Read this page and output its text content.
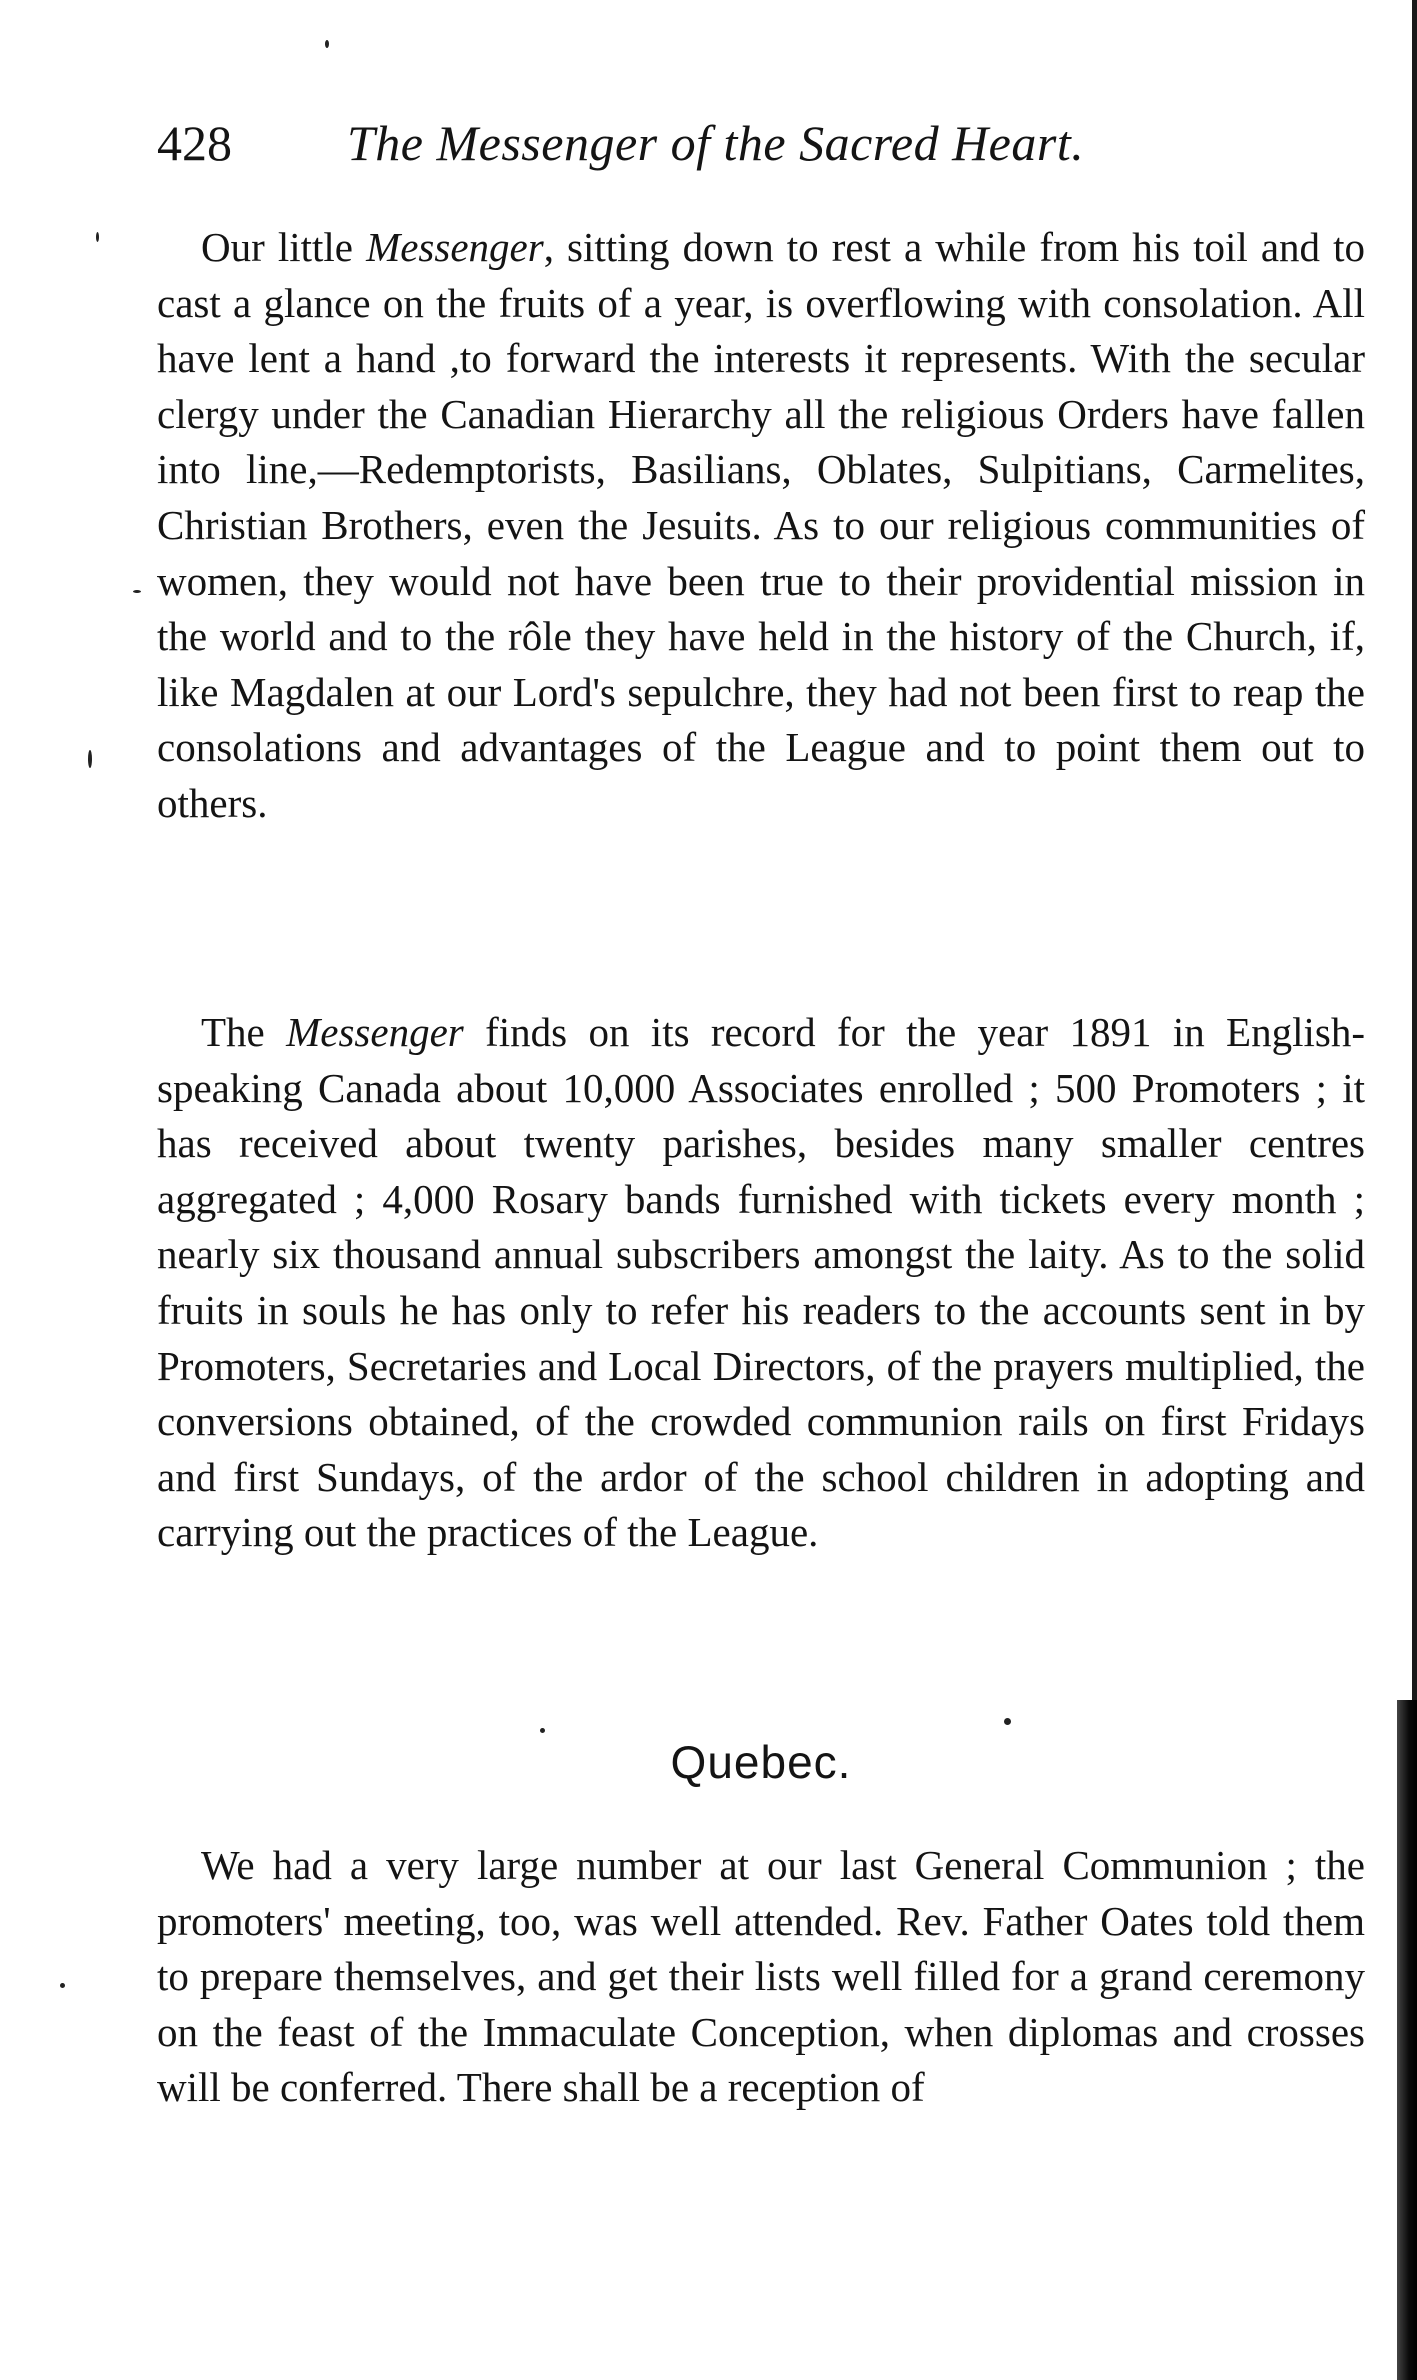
428 The Messenger of the Sacred Heart.

Our little Messenger, sitting down to rest a while from his toil and to cast a glance on the fruits of a year, is overflowing with consolation. All have lent a hand ,to forward the interests it represents. With the secular clergy under the Canadian Hierarchy all the religious Orders have fallen into line,—Redemptorists, Basilians, Oblates, Sulpitians, Carmelites, Christian Brothers, even the Jesuits. As to our religious communities of women, they would not have been true to their providential mission in the world and to the rôle they have held in the history of the Church, if, like Magdalen at our Lord's sepulchre, they had not been first to reap the consolations and advantages of the League and to point them out to others.

The Messenger finds on its record for the year 1891 in English-speaking Canada about 10,000 Associates enrolled ; 500 Promoters ; it has received about twenty parishes, besides many smaller centres aggregated ; 4,000 Rosary bands furnished with tickets every month ; nearly six thousand annual subscribers amongst the laity. As to the solid fruits in souls he has only to refer his readers to the accounts sent in by Promoters, Secretaries and Local Directors, of the prayers multiplied, the conversions obtained, of the crowded communion rails on first Fridays and first Sundays, of the ardor of the school children in adopting and carrying out the practices of the League.

Quebec.

We had a very large number at our last General Communion ; the promoters' meeting, too, was well attended. Rev. Father Oates told them to prepare themselves, and get their lists well filled for a grand ceremony on the feast of the Immaculate Conception, when diplomas and crosses will be conferred. There shall be a reception of
